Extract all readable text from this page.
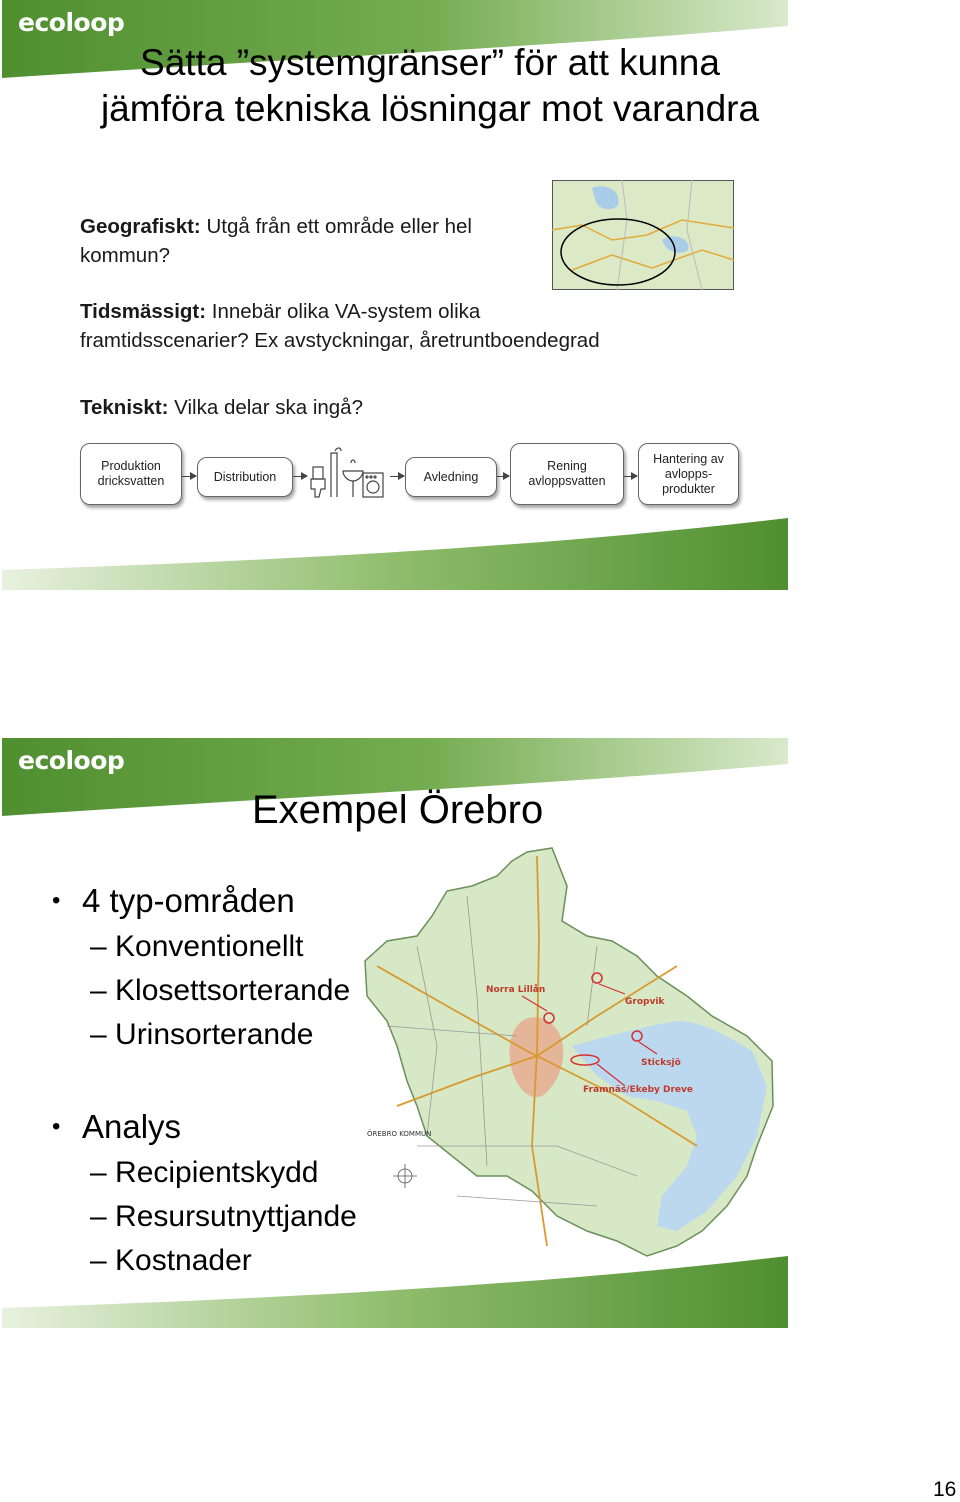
ecoloop
Sätta ”systemgränser” för att kunna
jämföra tekniska lösningar mot varandra
Geografiskt: Utgå från ett område eller hel
kommun?
Tidsmässigt: Innebär olika VA-system olika
framtidsscenarier? Ex avstyckningar, åretruntboendegrad
Tekniskt: Vilka delar ska ingå?
Produktion
dricksvatten	Distribution	Avledning
Rening
avloppsvatten
Hantering av
avlopps-
produkter
ecoloop
Exempel Örebro
• 4 typ-områden
– Konventionellt
– Klosettsorterande
– Urinsorterande
• Analys
– Recipientskydd
– Resursutnyttjande
– Kostnader
ÖREBRO KOMMUN
Norra Lillån
Gropvik
Sticksjö
Framnäs/Ekeby Dreve
16
